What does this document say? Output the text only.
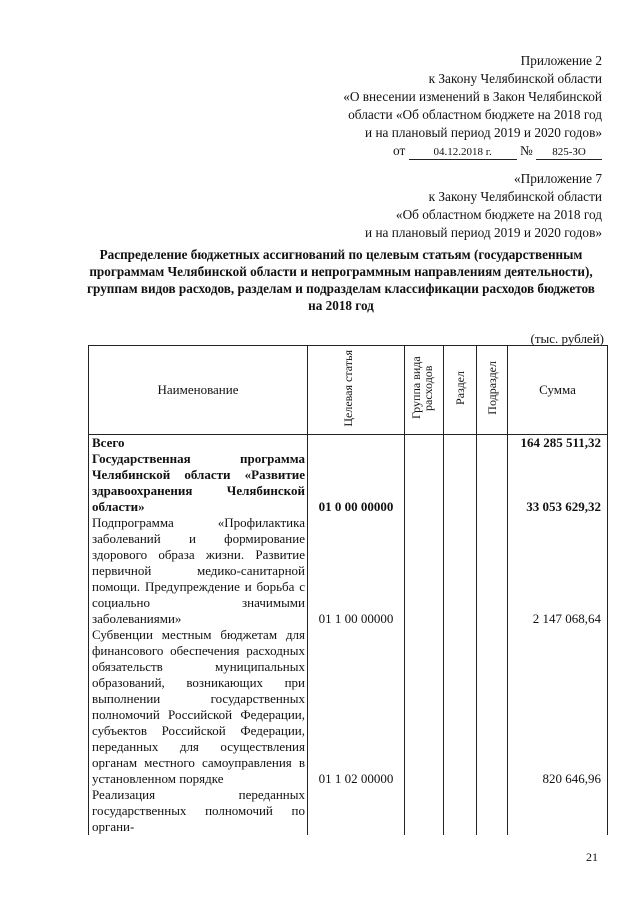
Приложение 2
к Закону Челябинской области
«О внесении изменений в Закон Челябинской
области «Об областном бюджете на 2018 год
и на плановый период 2019 и 2020 годов»
от	04.12.2018 г. № 825-ЗО
«Приложение 7
к Закону Челябинской области
«Об областном бюджете на 2018 год
и на плановый период 2019 и 2020 годов»
Распределение бюджетных ассигнований по целевым статьям (государственным программам Челябинской области и непрограммным направлениям деятельности), группам видов расходов, разделам и подразделам классификации расходов бюджетов на 2018 год
(тыс. рублей)
Наименование	Целевая статья	Группа вида расходов	Раздел	Подраздел	Сумма
Всего					164 285 511,32
Государственная программа Челябинской области «Развитие здравоохранения Челябинской области»	01 0 00 00000				33 053 629,32
Подпрограмма «Профилактика заболеваний и формирование здорового образа жизни. Развитие первичной медико-санитарной помощи. Предупреждение и борьба с социально значимыми заболеваниями»	01 1 00 00000				2 147 068,64
Субвенции местным бюджетам для финансового обеспечения расходных обязательств муниципальных образований, возникающих при выполнении государственных полномочий Российской Федерации, субъектов Российской Федерации, переданных для осуществления органам местного самоуправления в установленном порядке	01 1 02 00000				820 646,96
Реализация переданных государственных полномочий по органи-					
21
